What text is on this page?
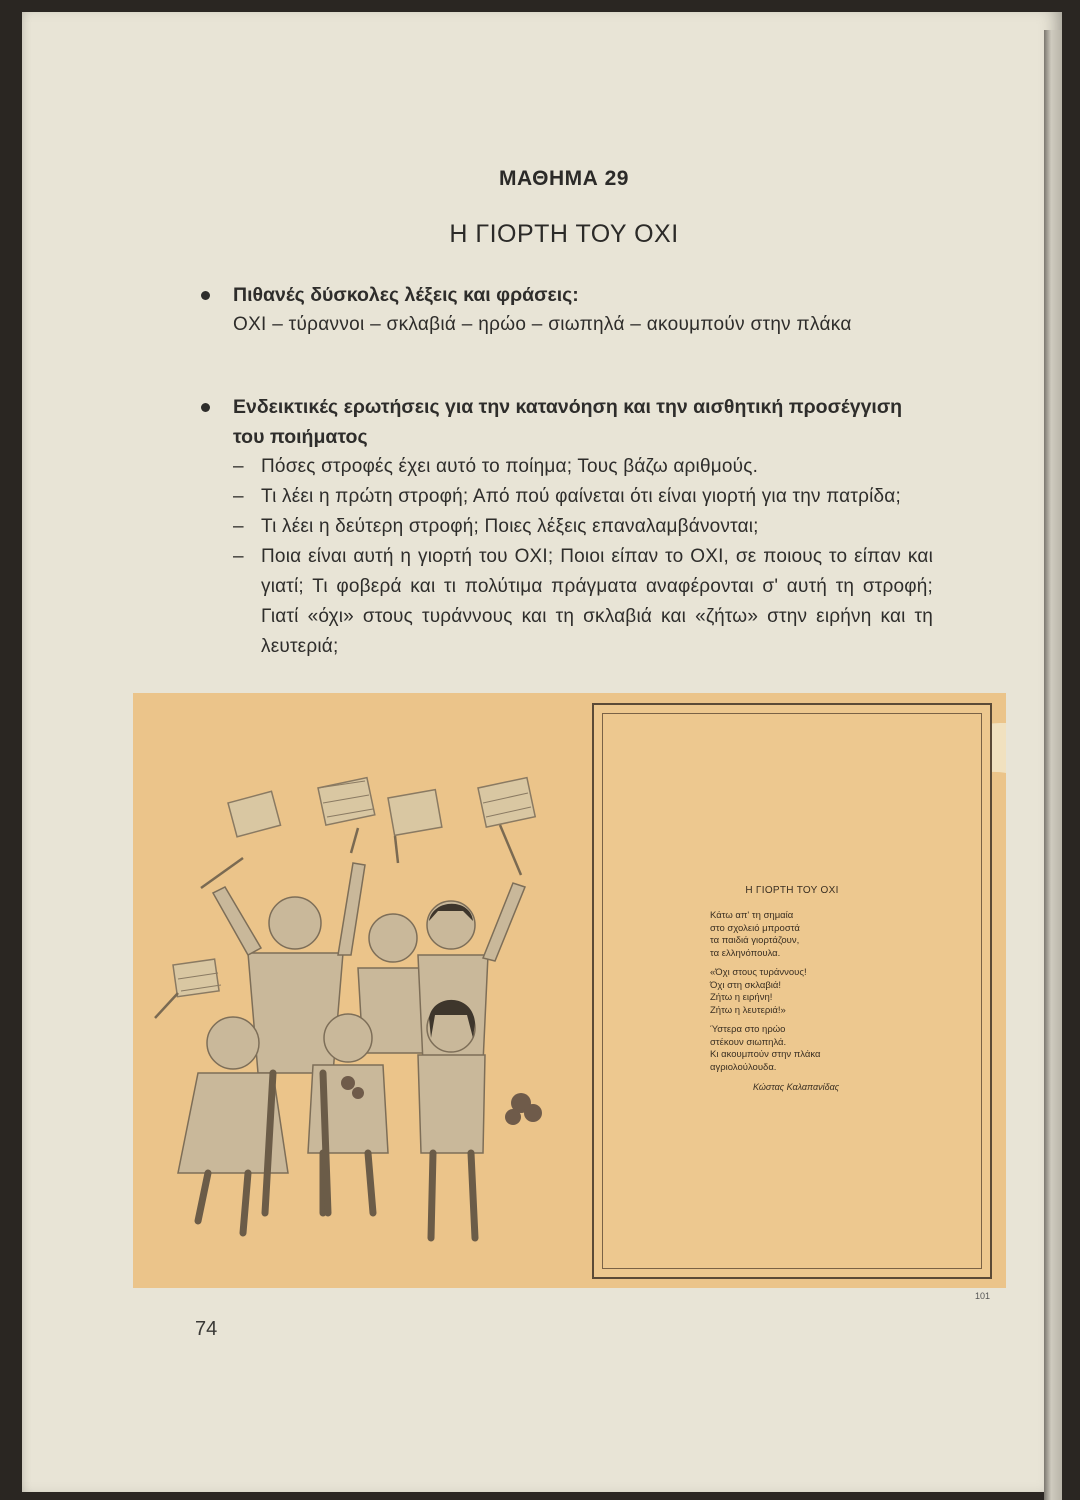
ΜΑΘΗΜΑ 29
Η ΓΙΟΡΤΗ ΤΟΥ ΟΧΙ
Πιθανές δύσκολες λέξεις και φράσεις:
ΟΧΙ – τύραννοι – σκλαβιά – ηρώο – σιωπηλά – ακουμπούν στην πλάκα
Ενδεικτικές ερωτήσεις για την κατανόηση και την αισθητική προσέγγιση του ποιήματος
– Πόσες στροφές έχει αυτό το ποίημα; Τους βάζω αριθμούς.
– Τι λέει η πρώτη στροφή; Από πού φαίνεται ότι είναι γιορτή για την πατρίδα;
– Τι λέει η δεύτερη στροφή; Ποιες λέξεις επαναλαμβάνονται;
– Ποια είναι αυτή η γιορτή του ΟΧΙ; Ποιοι είπαν το ΟΧΙ, σε ποιους το είπαν και γιατί; Τι φοβερά και τι πολύτιμα πράγματα αναφέρονται σ' αυτή τη στροφή; Γιατί «όχι» στους τυράννους και τη σκλαβιά και «ζήτω» στην ειρήνη και τη λευτεριά;
Η ΓΙΟΡΤΗ ΤΟΥ ΟΧΙ
Κάτω απ' τη σημαία
στο σχολειό μπροστά
τα παιδιά γιορτάζουν,
τα ελληνόπουλα.
«Όχι στους τυράννους!
Όχι στη σκλαβιά!
Ζήτω η ειρήνη!
Ζήτω η λευτεριά!»
Ύστερα στο ηρώο
στέκουν σιωπηλά.
Κι ακουμπούν στην πλάκα
αγριολούλουδα.
Κώστας Καλαπανίδας
101
74
